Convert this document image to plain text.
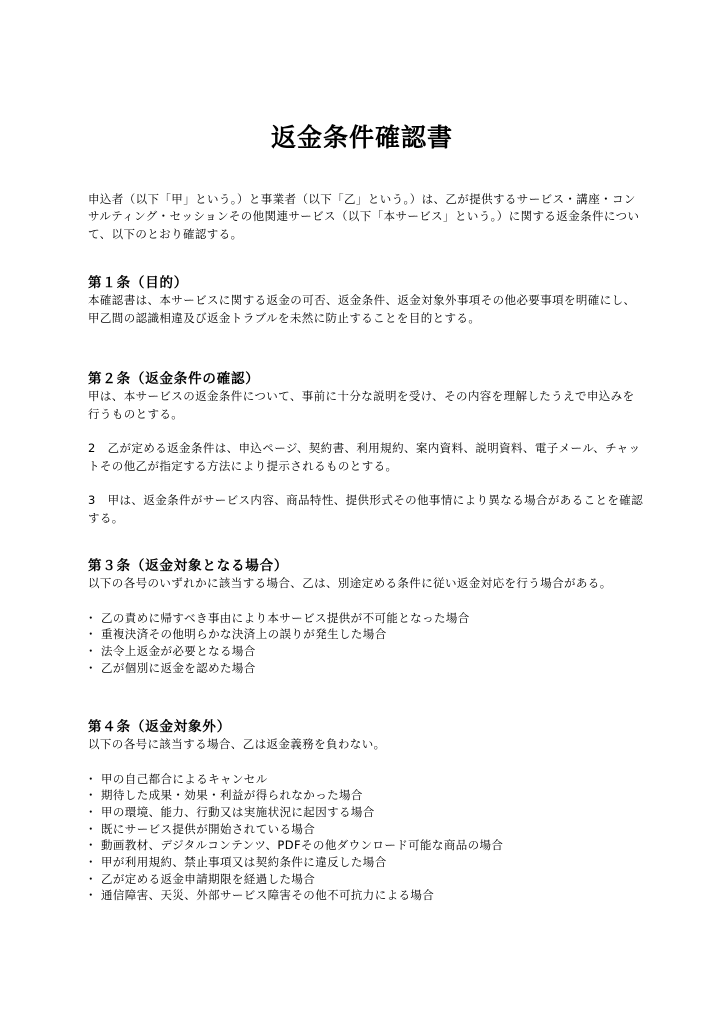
返金条件確認書

申込者（以下「甲」という。）と事業者（以下「乙」という。）は、乙が提供するサービス・講座・コンサルティング・セッションその他関連サービス（以下「本サービス」という。）に関する返金条件について、以下のとおり確認する。

第１条（目的）

本確認書は、本サービスに関する返金の可否、返金条件、返金対象外事項その他必要事項を明確にし、甲乙間の認識相違及び返金トラブルを未然に防止することを目的とする。

第２条（返金条件の確認）

甲は、本サービスの返金条件について、事前に十分な説明を受け、その内容を理解したうえで申込みを行うものとする。

2　乙が定める返金条件は、申込ページ、契約書、利用規約、案内資料、説明資料、電子メール、チャットその他乙が指定する方法により提示されるものとする。

3　甲は、返金条件がサービス内容、商品特性、提供形式その他事情により異なる場合があることを確認する。

第３条（返金対象となる場合）

以下の各号のいずれかに該当する場合、乙は、別途定める条件に従い返金対応を行う場合がある。

・ 乙の責めに帰すべき事由により本サービス提供が不可能となった場合
・ 重複決済その他明らかな決済上の誤りが発生した場合
・ 法令上返金が必要となる場合
・ 乙が個別に返金を認めた場合
第４条（返金対象外）

以下の各号に該当する場合、乙は返金義務を負わない。

・ 甲の自己都合によるキャンセル
・ 期待した成果・効果・利益が得られなかった場合
・ 甲の環境、能力、行動又は実施状況に起因する場合
・ 既にサービス提供が開始されている場合
・ 動画教材、デジタルコンテンツ、PDFその他ダウンロード可能な商品の場合
・ 甲が利用規約、禁止事項又は契約条件に違反した場合
・ 乙が定める返金申請期限を経過した場合
・ 通信障害、天災、外部サービス障害その他不可抗力による場合
